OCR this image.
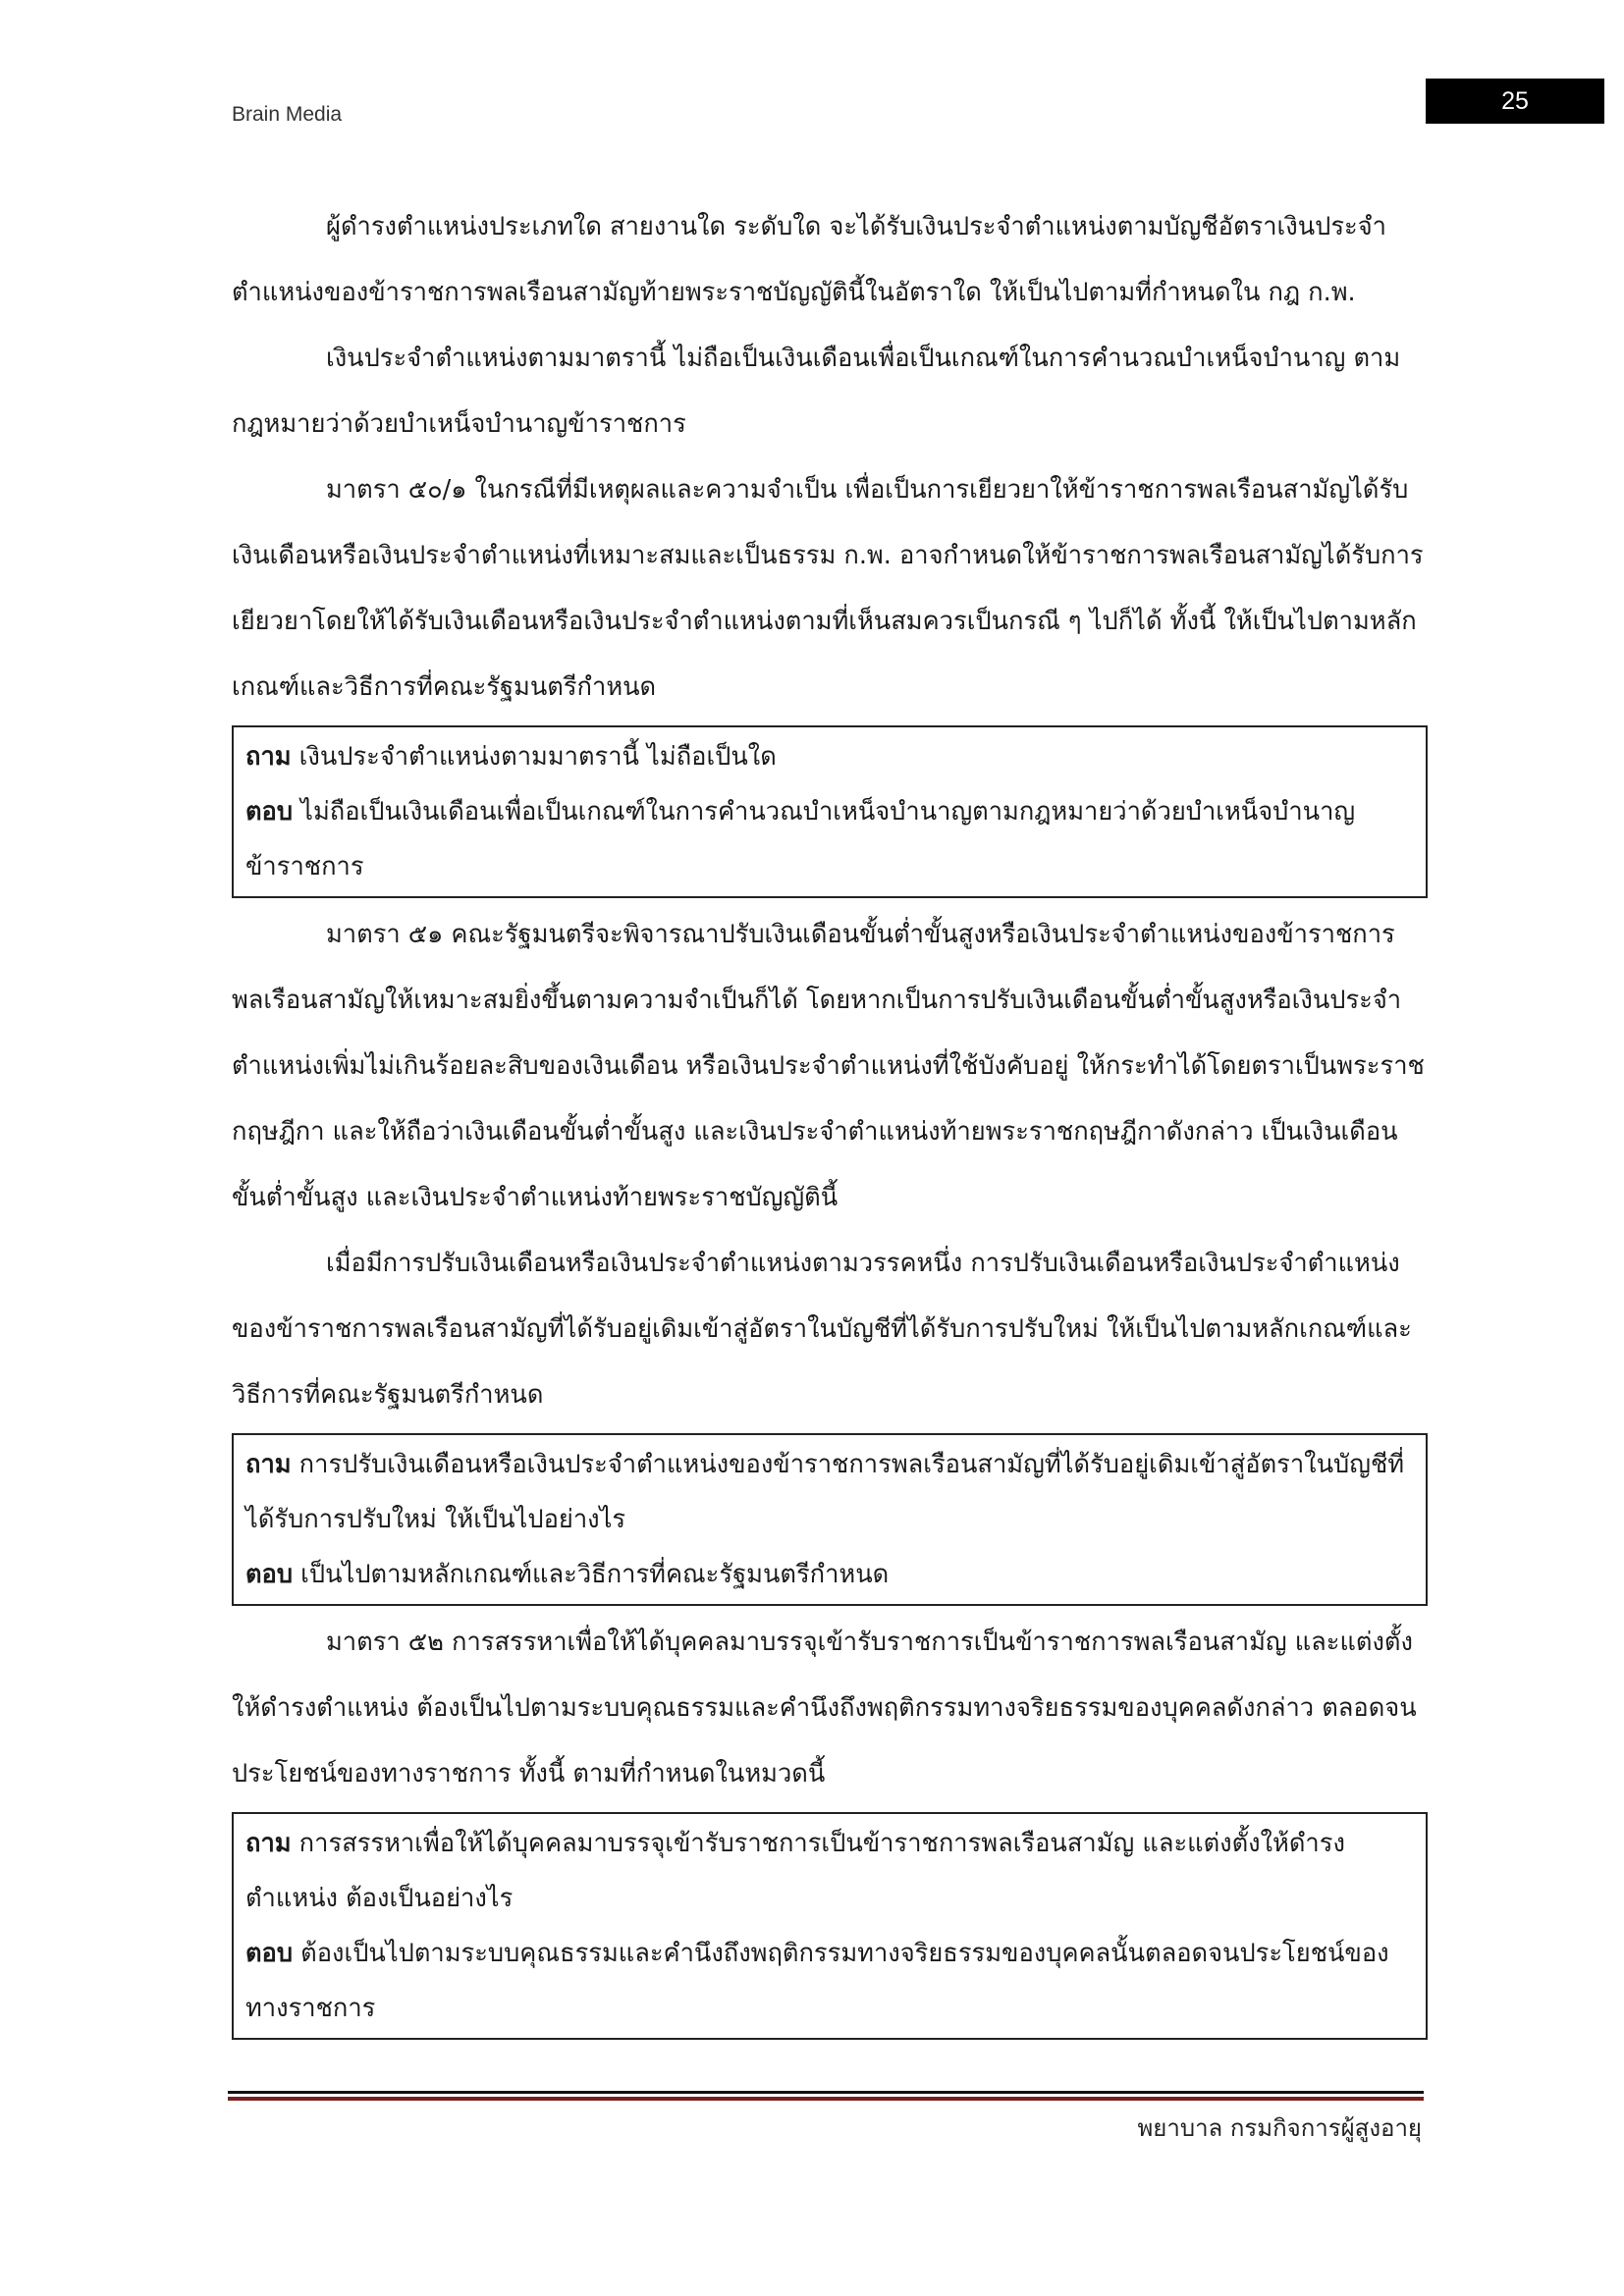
Brain Media	25

ผู้ดำรงตำแหน่งประเภทใด สายงานใด ระดับใด จะได้รับเงินประจำตำแหน่งตามบัญชีอัตราเงินประจำตำแหน่งของข้าราชการพลเรือนสามัญท้ายพระราชบัญญัตินี้ในอัตราใด ให้เป็นไปตามที่กำหนดใน กฎ ก.พ.

เงินประจำตำแหน่งตามมาตรานี้ ไม่ถือเป็นเงินเดือนเพื่อเป็นเกณฑ์ในการคำนวณบำเหน็จบำนาญ ตามกฎหมายว่าด้วยบำเหน็จบำนาญข้าราชการ

มาตรา ๕๐/๑ ในกรณีที่มีเหตุผลและความจำเป็น เพื่อเป็นการเยียวยาให้ข้าราชการพลเรือนสามัญได้รับเงินเดือนหรือเงินประจำตำแหน่งที่เหมาะสมและเป็นธรรม ก.พ. อาจกำหนดให้ข้าราชการพลเรือนสามัญได้รับการเยียวยาโดยให้ได้รับเงินเดือนหรือเงินประจำตำแหน่งตามที่เห็นสมควรเป็นกรณี ๆ ไปก็ได้ ทั้งนี้ ให้เป็นไปตามหลักเกณฑ์และวิธีการที่คณะรัฐมนตรีกำหนด

ถาม เงินประจำตำแหน่งตามมาตรานี้ ไม่ถือเป็นใด

ตอบ ไม่ถือเป็นเงินเดือนเพื่อเป็นเกณฑ์ในการคำนวณบำเหน็จบำนาญตามกฎหมายว่าด้วยบำเหน็จบำนาญข้าราชการ

มาตรา ๕๑ คณะรัฐมนตรีจะพิจารณาปรับเงินเดือนขั้นต่ำขั้นสูงหรือเงินประจำตำแหน่งของข้าราชการพลเรือนสามัญให้เหมาะสมยิ่งขึ้นตามความจำเป็นก็ได้ โดยหากเป็นการปรับเงินเดือนขั้นต่ำขั้นสูงหรือเงินประจำตำแหน่งเพิ่มไม่เกินร้อยละสิบของเงินเดือน หรือเงินประจำตำแหน่งที่ใช้บังคับอยู่ ให้กระทำได้โดยตราเป็นพระราชกฤษฎีกา และให้ถือว่าเงินเดือนขั้นต่ำขั้นสูง และเงินประจำตำแหน่งท้ายพระราชกฤษฎีกาดังกล่าว เป็นเงินเดือนขั้นต่ำขั้นสูง และเงินประจำตำแหน่งท้ายพระราชบัญญัตินี้

เมื่อมีการปรับเงินเดือนหรือเงินประจำตำแหน่งตามวรรคหนึ่ง การปรับเงินเดือนหรือเงินประจำตำแหน่งของข้าราชการพลเรือนสามัญที่ได้รับอยู่เดิมเข้าสู่อัตราในบัญชีที่ได้รับการปรับใหม่ ให้เป็นไปตามหลักเกณฑ์และวิธีการที่คณะรัฐมนตรีกำหนด

ถาม การปรับเงินเดือนหรือเงินประจำตำแหน่งของข้าราชการพลเรือนสามัญที่ได้รับอยู่เดิมเข้าสู่อัตราในบัญชีที่ได้รับการปรับใหม่ ให้เป็นไปอย่างไร

ตอบ เป็นไปตามหลักเกณฑ์และวิธีการที่คณะรัฐมนตรีกำหนด

มาตรา ๕๒ การสรรหาเพื่อให้ได้บุคคลมาบรรจุเข้ารับราชการเป็นข้าราชการพลเรือนสามัญ และแต่งตั้งให้ดำรงตำแหน่ง ต้องเป็นไปตามระบบคุณธรรมและคำนึงถึงพฤติกรรมทางจริยธรรมของบุคคลดังกล่าว ตลอดจนประโยชน์ของทางราชการ ทั้งนี้ ตามที่กำหนดในหมวดนี้

ถาม การสรรหาเพื่อให้ได้บุคคลมาบรรจุเข้ารับราชการเป็นข้าราชการพลเรือนสามัญ และแต่งตั้งให้ดำรงตำแหน่ง ต้องเป็นอย่างไร

ตอบ ต้องเป็นไปตามระบบคุณธรรมและคำนึงถึงพฤติกรรมทางจริยธรรมของบุคคลนั้นตลอดจนประโยชน์ของทางราชการ

พยาบาล กรมกิจการผู้สูงอายุ
